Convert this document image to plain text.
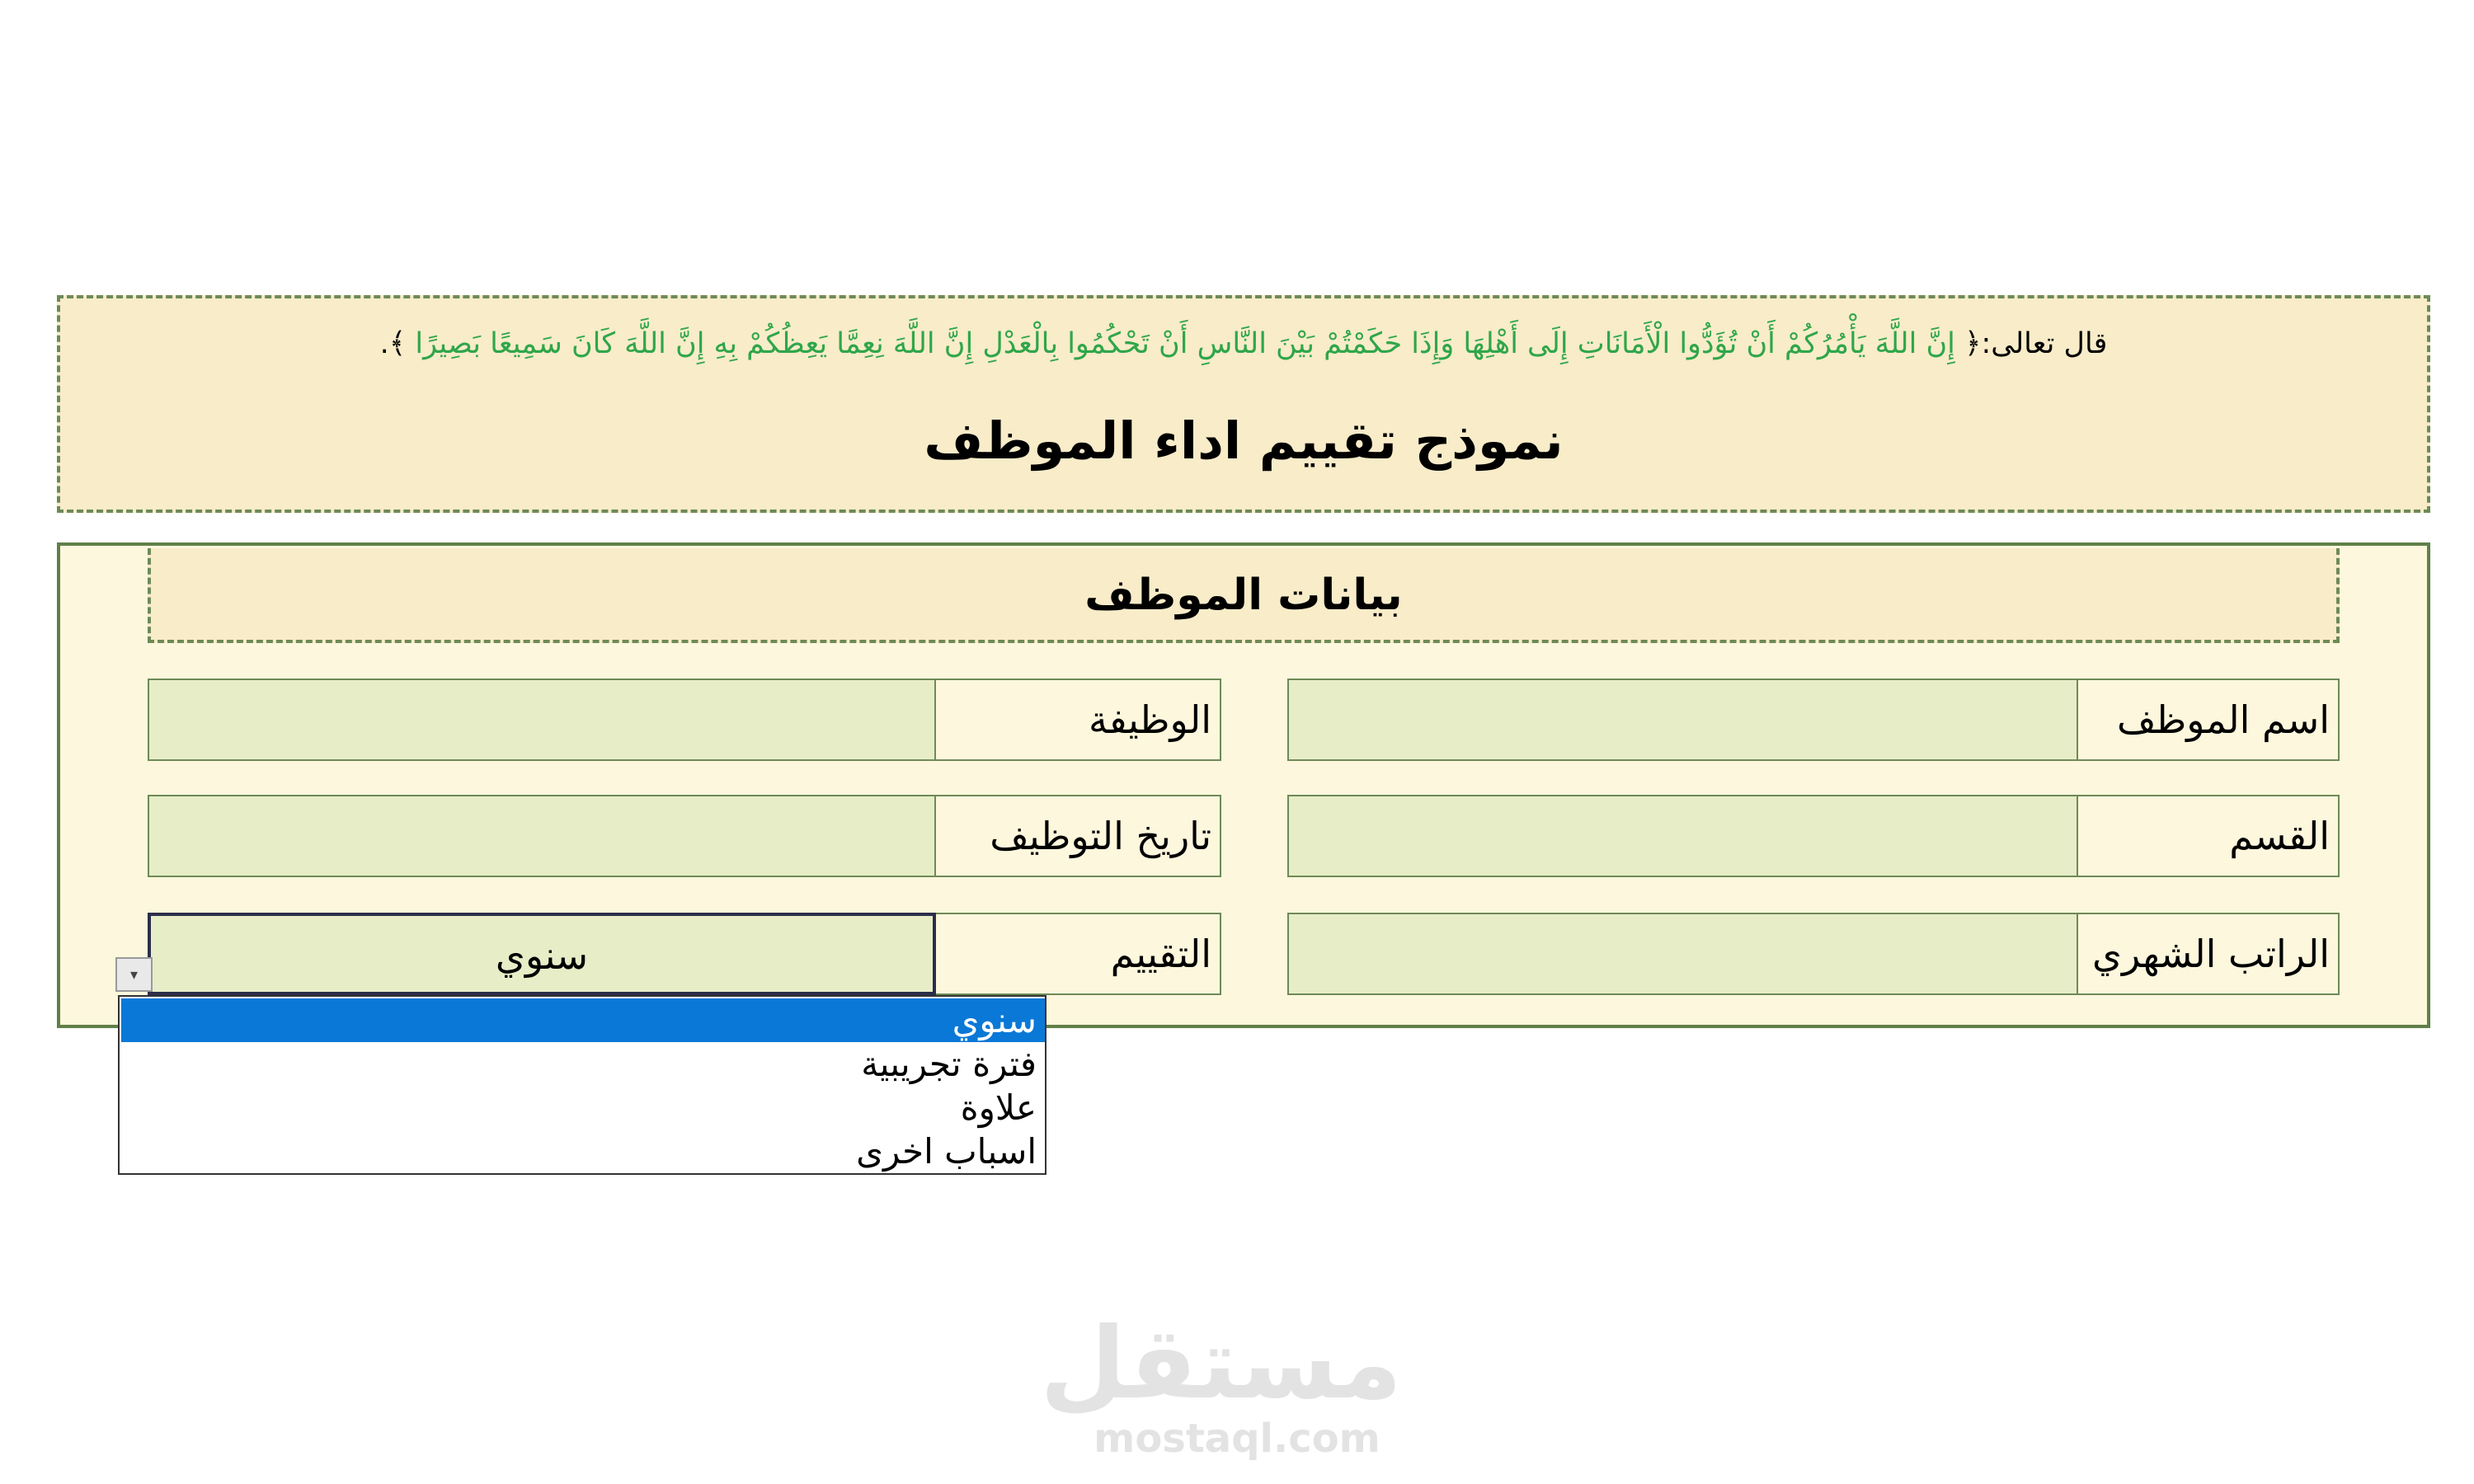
قال تعالى:﴿ إِنَّ اللَّهَ يَأْمُرُكُمْ أَنْ تُؤَدُّوا الْأَمَانَاتِ إِلَى أَهْلِهَا وَإِذَا حَكَمْتُمْ بَيْنَ النَّاسِ أَنْ تَحْكُمُوا بِالْعَدْلِ إِنَّ اللَّهَ نِعِمَّا يَعِظُكُمْ بِهِ إِنَّ اللَّهَ كَانَ سَمِيعًا بَصِيرًا ﴾.
نموذج تقييم اداء الموظف
بيانات الموظف
اسم الموظف
الوظيفة
القسم
تاريخ التوظيف
الراتب الشهري
التقييم
سنوي
▾
سنوي
فترة تجريبية
علاوة
اسباب اخرى
مستقل
mostaql.com
